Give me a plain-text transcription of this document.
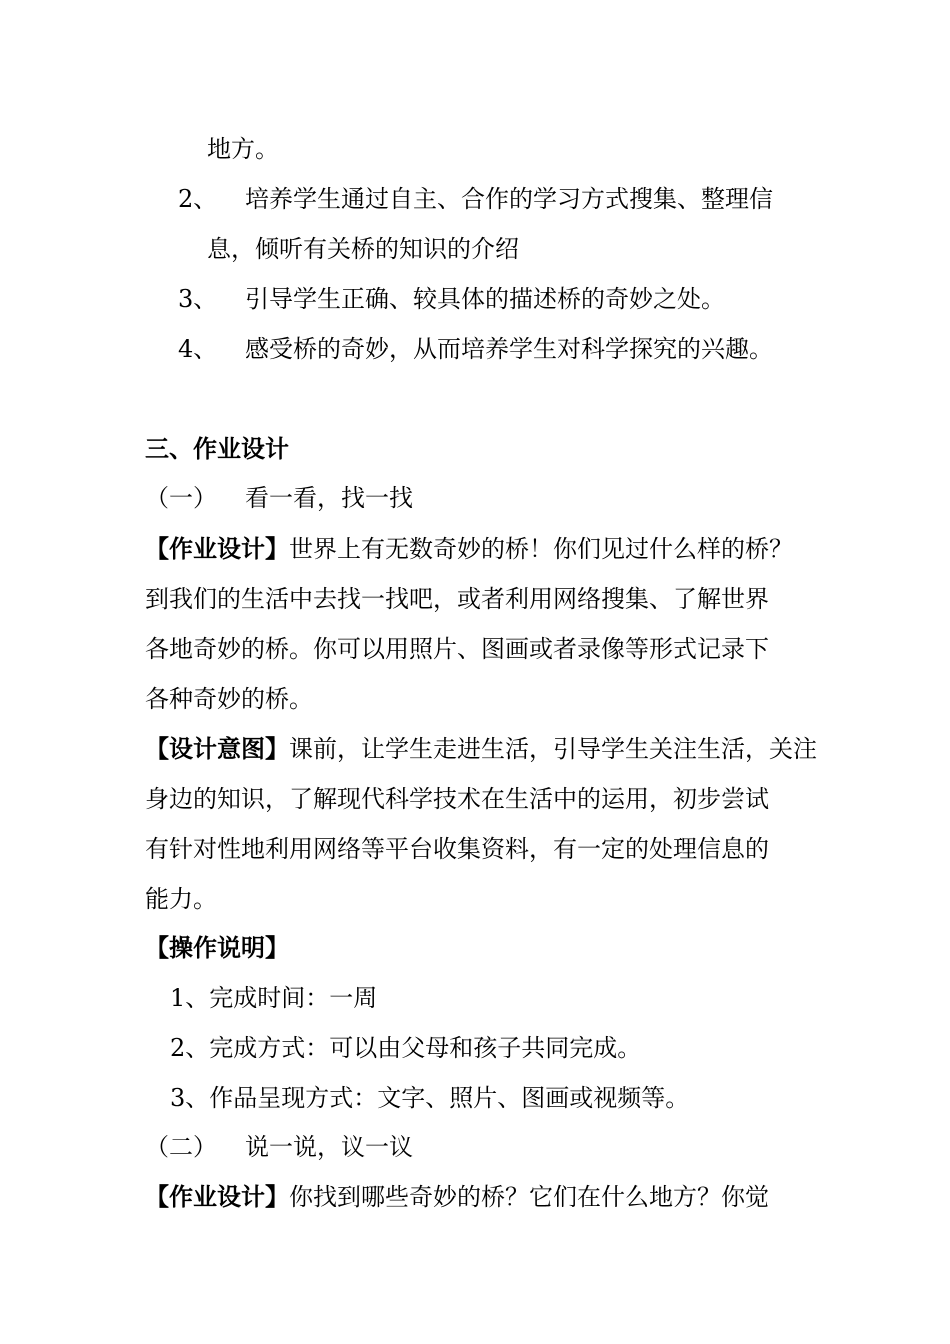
地方。
2、 培养学生通过自主、合作的学习方式搜集、整理信
息，倾听有关桥的知识的介绍
3、 引导学生正确、较具体的描述桥的奇妙之处。
4、 感受桥的奇妙，从而培养学生对科学探究的兴趣。
三、作业设计
（一） 看一看，找一找
【作业设计】世界上有无数奇妙的桥！你们见过什么样的桥？
到我们的生活中去找一找吧，或者利用网络搜集、了解世界
各地奇妙的桥。你可以用照片、图画或者录像等形式记录下
各种奇妙的桥。
【设计意图】课前，让学生走进生活，引导学生关注生活，关注
身边的知识，了解现代科学技术在生活中的运用，初步尝试
有针对性地利用网络等平台收集资料，有一定的处理信息的
能力。
【操作说明】
1、完成时间：一周
2、完成方式：可以由父母和孩子共同完成。
3、作品呈现方式：文字、照片、图画或视频等。
（二） 说一说，议一议
【作业设计】你找到哪些奇妙的桥？它们在什么地方？你觉
